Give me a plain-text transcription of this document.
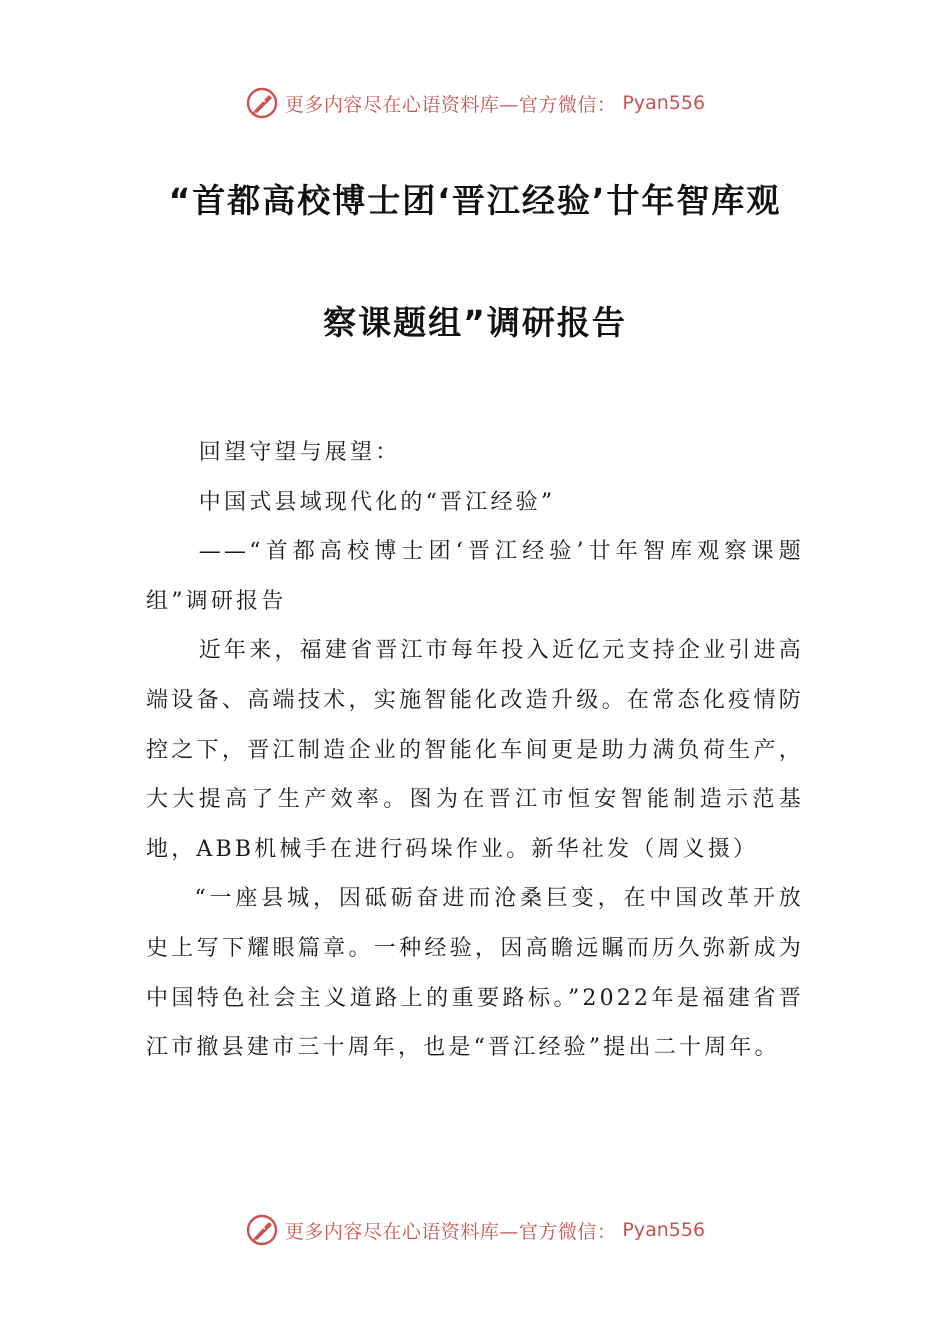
更多内容尽在心语资料库—官方微信： Pyan556
“首都高校博士团‘晋江经验’廿年智库观
察课题组”调研报告

回望守望与展望：

中国式县域现代化的“晋江经验”

——“首都高校博士团‘晋江经验’廿年智库观察课题组”调研报告

近年来，福建省晋江市每年投入近亿元支持企业引进高端设备、高端技术，实施智能化改造升级。在常态化疫情防控之下，晋江制造企业的智能化车间更是助力满负荷生产，大大提高了生产效率。图为在晋江市恒安智能制造示范基地，ABB机械手在进行码垛作业。新华社发（周义摄）

“一座县城，因砥砺奋进而沧桑巨变，在中国改革开放史上写下耀眼篇章。一种经验，因高瞻远瞩而历久弥新成为中国特色社会主义道路上的重要路标。”2022年是福建省晋江市撤县建市三十周年，也是“晋江经验”提出二十周年。

更多内容尽在心语资料库—官方微信： Pyan556
